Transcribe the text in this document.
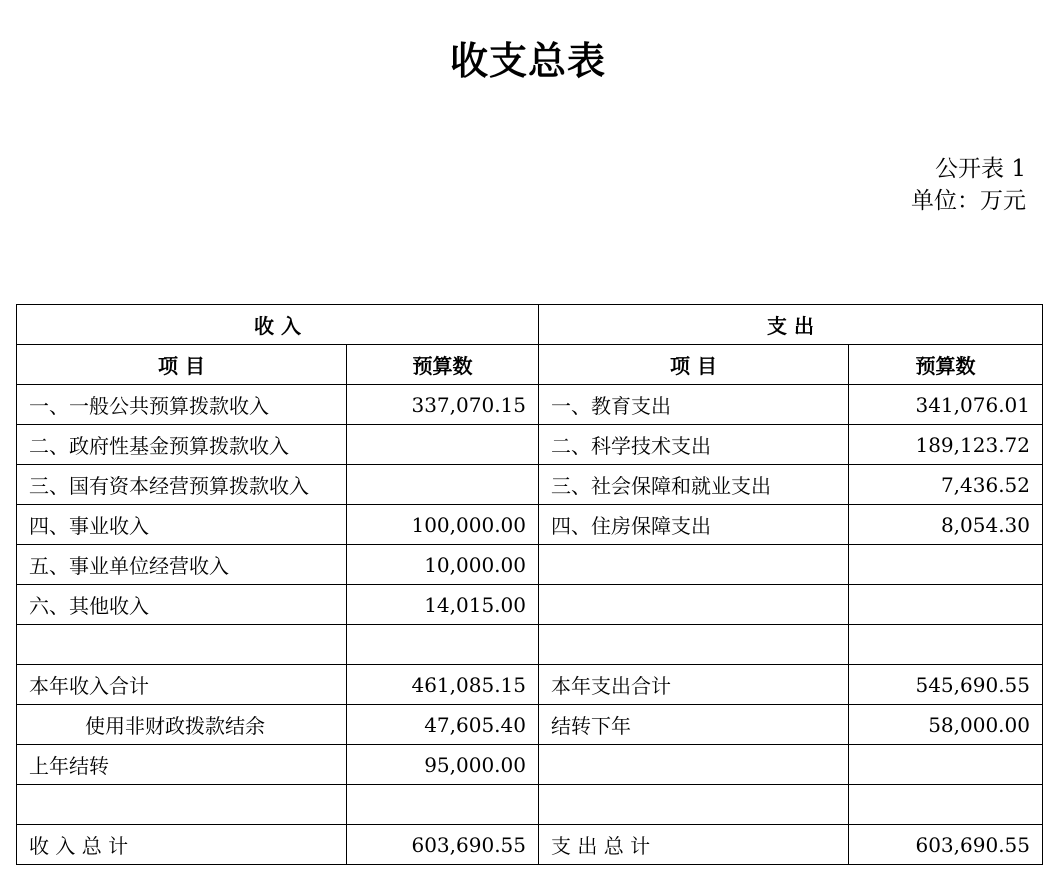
收支总表
公开表 1
单位：万元
收 入		支 出	
项 目	预算数	项 目	预算数
一、一般公共预算拨款收入	337,070.15	一、教育支出	341,076.01
二、政府性基金预算拨款收入		二、科学技术支出	189,123.72
三、国有资本经营预算拨款收入		三、社会保障和就业支出	7,436.52
四、事业收入	100,000.00	四、住房保障支出	8,054.30
五、事业单位经营收入	10,000.00		
六、其他收入	14,015.00		

本年收入合计	461,085.15	本年支出合计	545,690.55
使用非财政拨款结余	47,605.40	结转下年	58,000.00
上年结转	95,000.00		

收 入 总 计	603,690.55	支 出 总 计	603,690.55
